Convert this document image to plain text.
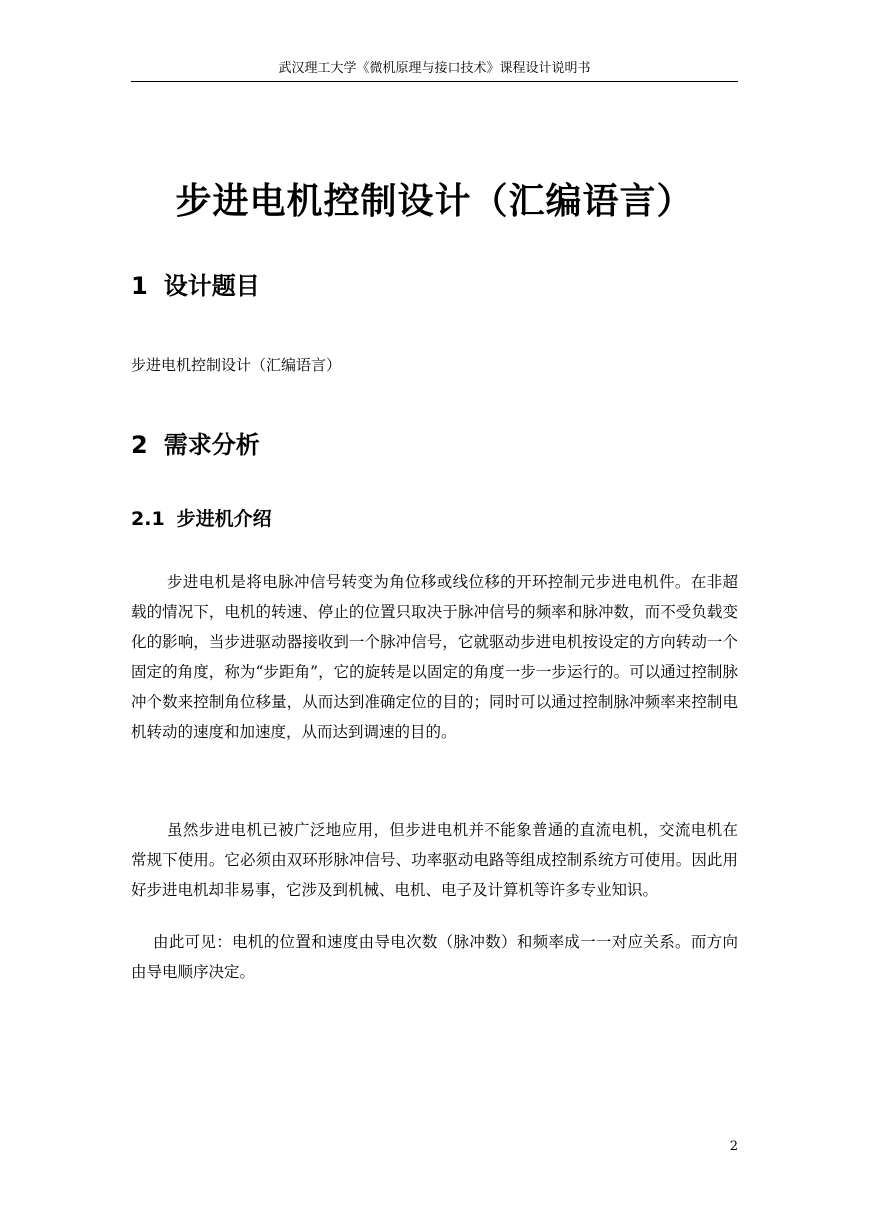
武汉理工大学《微机原理与接口技术》课程设计说明书
步进电机控制设计（汇编语言）
1 设计题目
步进电机控制设计（汇编语言）
2 需求分析
2.1 步进机介绍

步进电机是将电脉冲信号转变为角位移或线位移的开环控制元步进电机件。在非超载的情况下，电机的转速、停止的位置只取决于脉冲信号的频率和脉冲数，而不受负载变化的影响，当步进驱动器接收到一个脉冲信号，它就驱动步进电机按设定的方向转动一个固定的角度，称为“步距角”，它的旋转是以固定的角度一步一步运行的。可以通过控制脉冲个数来控制角位移量，从而达到准确定位的目的；同时可以通过控制脉冲频率来控制电机转动的速度和加速度，从而达到调速的目的。

虽然步进电机已被广泛地应用，但步进电机并不能象普通的直流电机，交流电机在常规下使用。它必须由双环形脉冲信号、功率驱动电路等组成控制系统方可使用。因此用好步进电机却非易事，它涉及到机械、电机、电子及计算机等许多专业知识。

由此可见：电机的位置和速度由导电次数（脉冲数）和频率成一一对应关系。而方向由导电顺序决定。

2
